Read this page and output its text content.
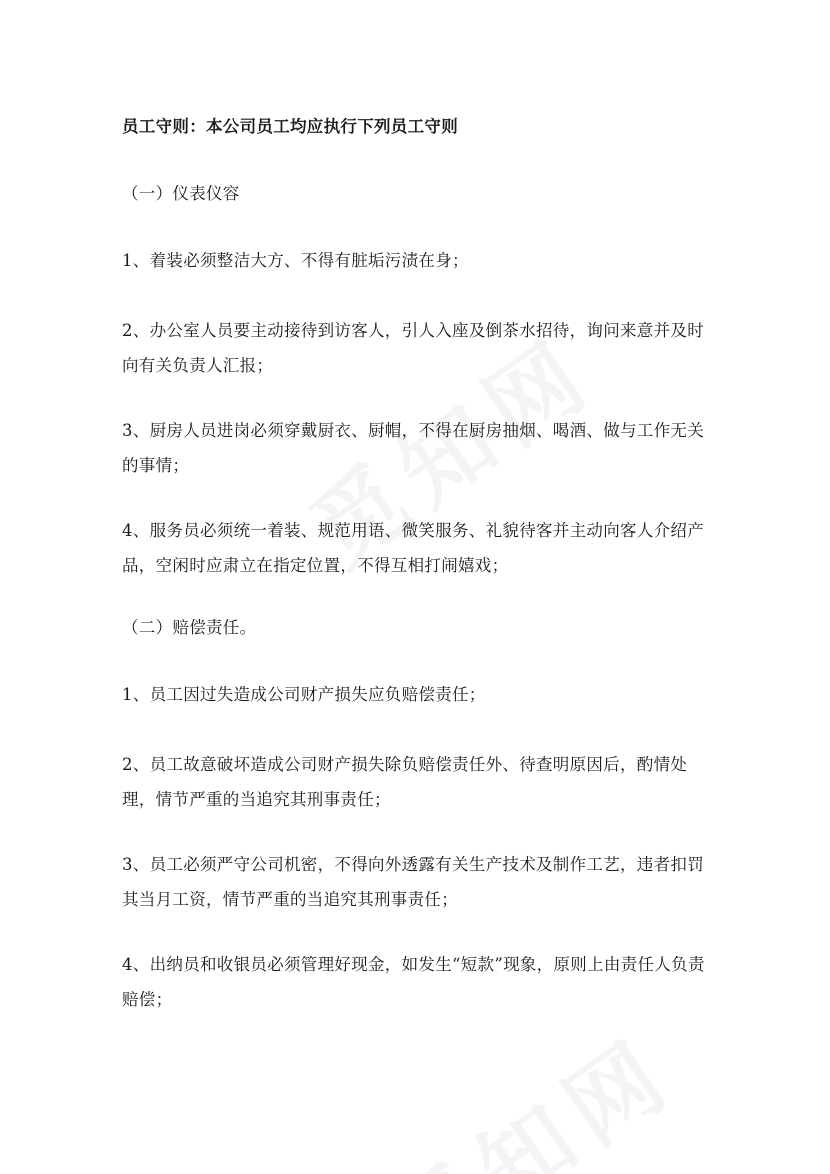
员工守则：本公司员工均应执行下列员工守则
（一）仪表仪容
1、着装必须整洁大方、不得有脏垢污渍在身；
2、办公室人员要主动接待到访客人，引人入座及倒茶水招待，询问来意并及时向有关负责人汇报；
3、厨房人员进岗必须穿戴厨衣、厨帽，不得在厨房抽烟、喝酒、做与工作无关的事情；
4、服务员必须统一着装、规范用语、微笑服务、礼貌待客并主动向客人介绍产品，空闲时应肃立在指定位置，不得互相打闹嬉戏；
（二）赔偿责任。
1、员工因过失造成公司财产损失应负赔偿责任；
2、员工故意破坏造成公司财产损失除负赔偿责任外、待查明原因后，酌情处理，情节严重的当追究其刑事责任；
3、员工必须严守公司机密，不得向外透露有关生产技术及制作工艺，违者扣罚其当月工资，情节严重的当追究其刑事责任；
4、出纳员和收银员必须管理好现金，如发生“短款”现象，原则上由责任人负责赔偿；
